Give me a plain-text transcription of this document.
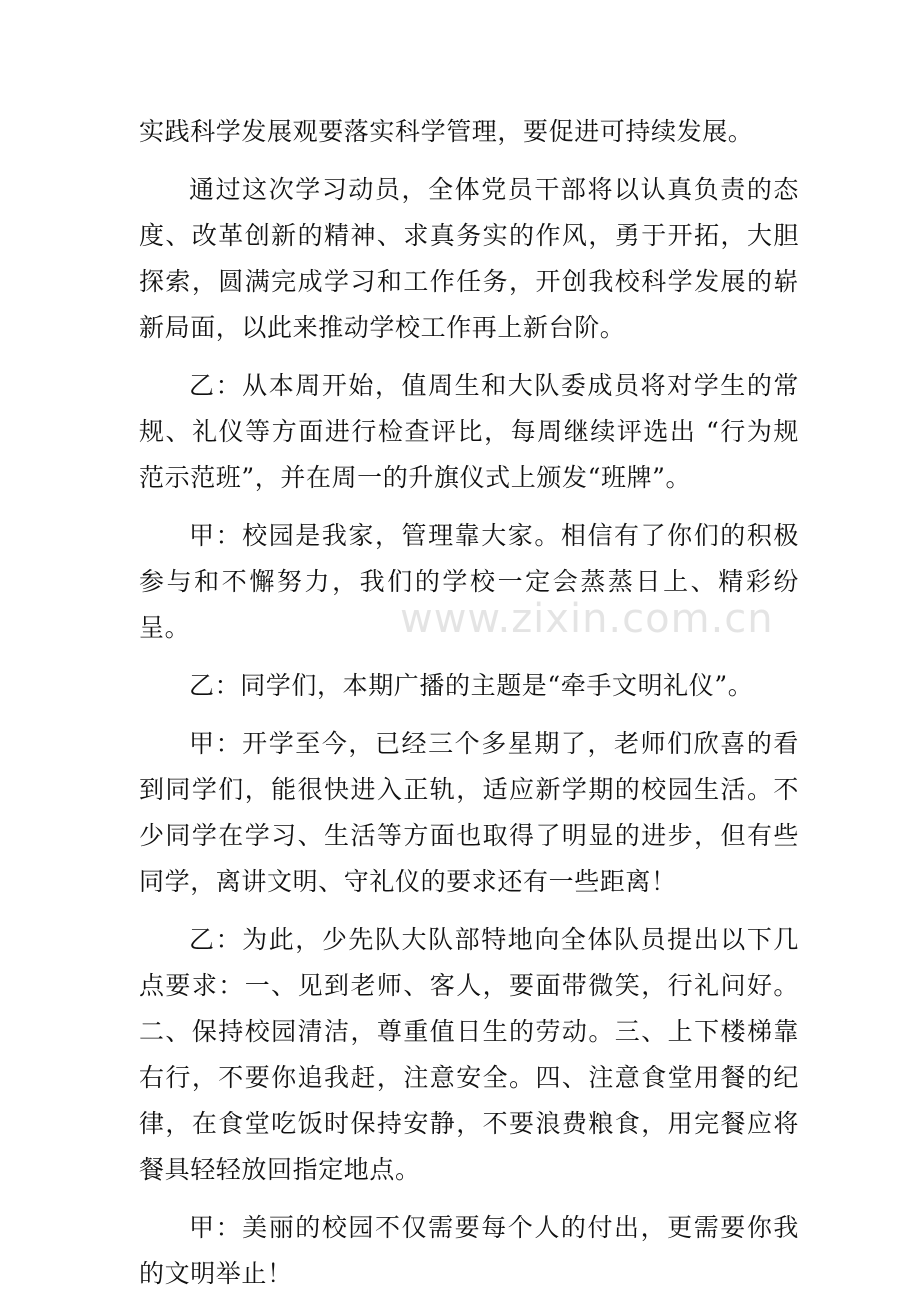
实践科学发展观要落实科学管理，要促进可持续发展。

通过这次学习动员，全体党员干部将以认真负责的态度、改革创新的精神、求真务实的作风，勇于开拓，大胆探索，圆满完成学习和工作任务，开创我校科学发展的崭新局面，以此来推动学校工作再上新台阶。

乙：从本周开始，值周生和大队委成员将对学生的常规、礼仪等方面进行检查评比，每周继续评选出 “行为规范示范班”，并在周一的升旗仪式上颁发“班牌”。

甲：校园是我家，管理靠大家。相信有了你们的积极参与和不懈努力，我们的学校一定会蒸蒸日上、精彩纷呈。

乙：同学们，本期广播的主题是“牵手文明礼仪”。

甲：开学至今，已经三个多星期了，老师们欣喜的看到同学们，能很快进入正轨，适应新学期的校园生活。不少同学在学习、生活等方面也取得了明显的进步，但有些同学，离讲文明、守礼仪的要求还有一些距离！

乙：为此，少先队大队部特地向全体队员提出以下几点要求：一、见到老师、客人，要面带微笑，行礼问好。二、保持校园清洁，尊重值日生的劳动。三、上下楼梯靠右行，不要你追我赶，注意安全。四、注意食堂用餐的纪律，在食堂吃饭时保持安静，不要浪费粮食，用完餐应将餐具轻轻放回指定地点。

甲：美丽的校园不仅需要每个人的付出，更需要你我的文明举止！

www.zixin.com.cn
